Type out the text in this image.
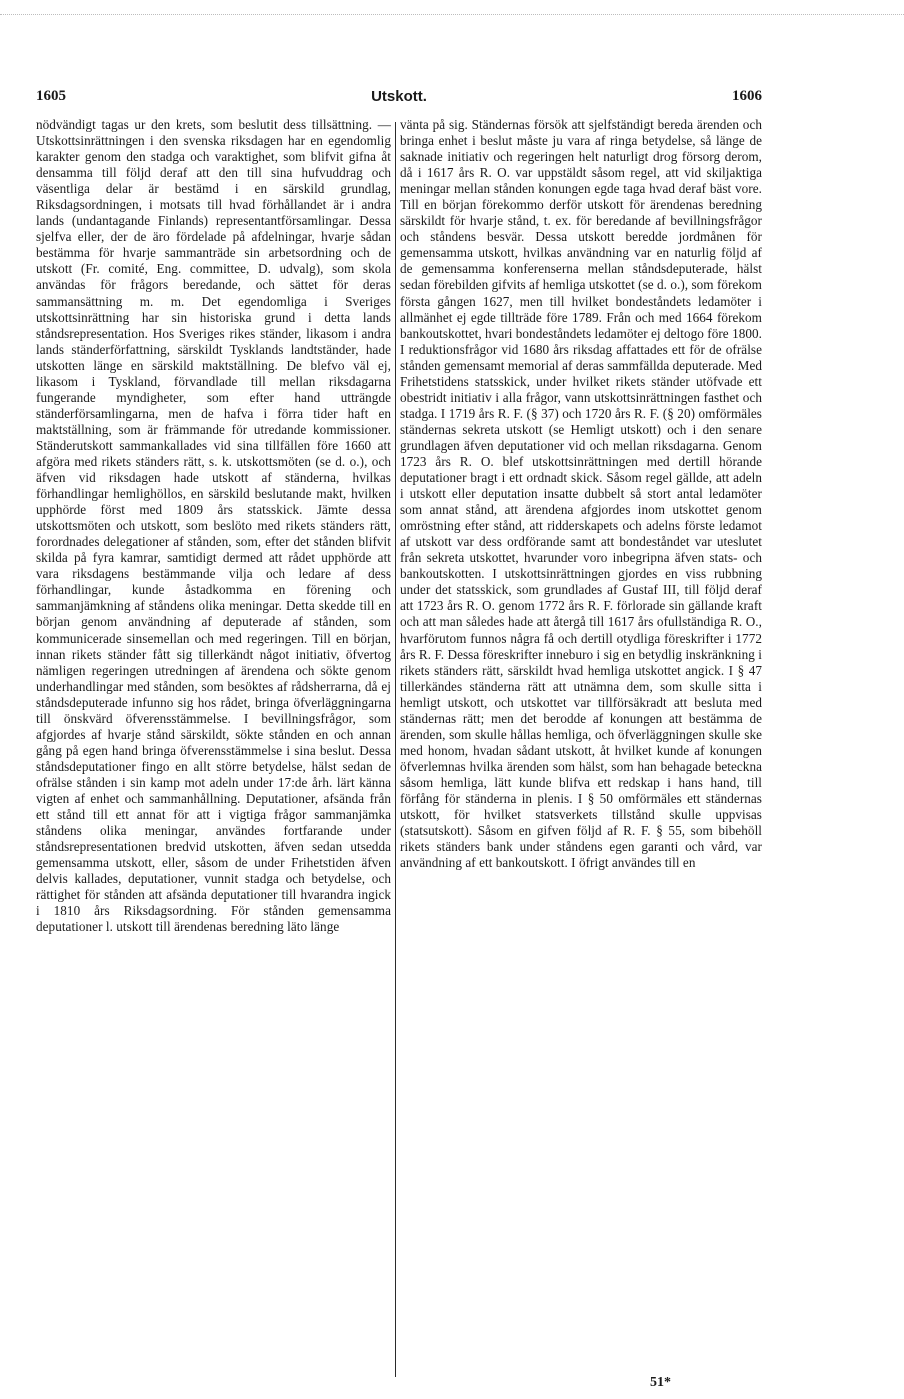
1605	Utskott.	1606

nödvändigt tagas ur den krets, som beslutit dess tillsättning. — Utskottsinrättningen i den svenska riksdagen har en egendomlig karakter genom den stadga och varaktighet, som blifvit gifna åt densamma till följd deraf att den till sina hufvuddrag och väsentliga delar är bestämd i en särskild grundlag, Riksdagsordningen, i motsats till hvad förhållandet är i andra lands (undantagande Finlands) representantförsamlingar. Dessa sjelfva eller, der de äro fördelade på afdelningar, hvarje sådan bestämma för hvarje sammanträde sin arbetsordning och de utskott (Fr. comité, Eng. committee, D. udvalg), som skola användas för frågors beredande, och sättet för deras sammansättning m. m. Det egendomliga i Sveriges utskottsinrättning har sin historiska grund i detta lands ståndsrepresentation. Hos Sveriges rikes ständer, likasom i andra lands ständerförfattning, särskildt Tysklands landtständer, hade utskotten länge en särskild maktställning. De blefvo väl ej, likasom i Tyskland, förvandlade till mellan riksdagarna fungerande myndigheter, som efter hand utträngde ständerförsamlingarna, men de hafva i förra tider haft en maktställning, som är främmande för utredande kommissioner. Ständerutskott sammankallades vid sina tillfällen före 1660 att afgöra med rikets ständers rätt, s. k. utskottsmöten (se d. o.), och äfven vid riksdagen hade utskott af ständerna, hvilkas förhandlingar hemlighöllos, en särskild beslutande makt, hvilken upphörde först med 1809 års statsskick. Jämte dessa utskottsmöten och utskott, som beslöto med rikets ständers rätt, forordnades delegationer af stånden, som, efter det stånden blifvit skilda på fyra kamrar, samtidigt dermed att rådet upphörde att vara riksdagens bestämmande vilja och ledare af dess förhandlingar, kunde åstadkomma en förening och sammanjämkning af ståndens olika meningar. Detta skedde till en början genom användning af deputerade af stånden, som kommunicerade sinsemellan och med regeringen. Till en början, innan rikets ständer fått sig tillerkändt något initiativ, öfvertog nämligen regeringen utredningen af ärendena och sökte genom underhandlingar med stånden, som besöktes af rådsherrarna, då ej ståndsdeputerade infunno sig hos rådet, bringa öfverläggningarna till önskvärd öfverensstämmelse. I bevillningsfrågor, som afgjordes af hvarje stånd särskildt, sökte stånden en och annan gång på egen hand bringa öfverensstämmelse i sina beslut. Dessa ståndsdeputationer fingo en allt större betydelse, hälst sedan de ofrälse stånden i sin kamp mot adeln under 17:de årh. lärt känna vigten af enhet och sammanhållning. Deputationer, afsända från ett stånd till ett annat för att i vigtiga frågor sammanjämka ståndens olika meningar, användes fortfarande under ståndsrepresentationen bredvid utskotten, äfven sedan utsedda gemensamma utskott, eller, såsom de under Frihetstiden äfven delvis kallades, deputationer, vunnit stadga och betydelse, och rättighet för stånden att afsända deputationer till hvarandra ingick i 1810 års Riksdagsordning. För stånden gemensamma deputationer l. utskott till ärendenas beredning läto länge

vänta på sig. Ständernas försök att sjelfständigt bereda ärenden och bringa enhet i beslut måste ju vara af ringa betydelse, så länge de saknade initiativ och regeringen helt naturligt drog försorg derom, då i 1617 års R. O. var uppstäldt såsom regel, att vid skiljaktiga meningar mellan stånden konungen egde taga hvad deraf bäst vore. Till en början förekommo derför utskott för ärendenas beredning särskildt för hvarje stånd, t. ex. för beredande af bevillningsfrågor och ståndens besvär. Dessa utskott beredde jordmånen för gemensamma utskott, hvilkas användning var en naturlig följd af de gemensamma konferenserna mellan ståndsdeputerade, hälst sedan förebilden gifvits af hemliga utskottet (se d. o.), som förekom första gången 1627, men till hvilket bondeståndets ledamöter i allmänhet ej egde tillträde före 1789. Från och med 1664 förekom bankoutskottet, hvari bondeståndets ledamöter ej deltogo före 1800. I reduktionsfrågor vid 1680 års riksdag affattades ett för de ofrälse stånden gemensamt memorial af deras sammfällda deputerade. Med Frihetstidens statsskick, under hvilket rikets ständer utöfvade ett obestridt initiativ i alla frågor, vann utskottsinrättningen fasthet och stadga. I 1719 års R. F. (§ 37) och 1720 års R. F. (§ 20) omförmäles ständernas sekreta utskott (se Hemligt utskott) och i den senare grundlagen äfven deputationer vid och mellan riksdagarna. Genom 1723 års R. O. blef utskottsinrättningen med dertill hörande deputationer bragt i ett ordnadt skick. Såsom regel gällde, att adeln i utskott eller deputation insatte dubbelt så stort antal ledamöter som annat stånd, att ärendena afgjordes inom utskottet genom omröstning efter stånd, att ridderskapets och adelns förste ledamot af utskott var dess ordförande samt att bondeståndet var uteslutet från sekreta utskottet, hvarunder voro inbegripna äfven stats- och bankoutskotten. I utskottsinrättningen gjordes en viss rubbning under det statsskick, som grundlades af Gustaf III, till följd deraf att 1723 års R. O. genom 1772 års R. F. förlorade sin gällande kraft och att man således hade att återgå till 1617 års ofullständiga R. O., hvarförutom funnos några få och dertill otydliga föreskrifter i 1772 års R. F. Dessa föreskrifter inneburo i sig en betydlig inskränkning i rikets ständers rätt, särskildt hvad hemliga utskottet angick. I § 47 tillerkändes ständerna rätt att utnämna dem, som skulle sitta i hemligt utskott, och utskottet var tillförsäkradt att besluta med ständernas rätt; men det berodde af konungen att bestämma de ärenden, som skulle hållas hemliga, och öfverläggningen skulle ske med honom, hvadan sådant utskott, åt hvilket kunde af konungen öfverlemnas hvilka ärenden som hälst, som han behagade beteckna såsom hemliga, lätt kunde blifva ett redskap i hans hand, till förfång för ständerna in plenis. I § 50 omförmäles ett ständernas utskott, för hvilket statsverkets tillstånd skulle uppvisas (statsutskott). Såsom en gifven följd af R. F. § 55, som bibehöll rikets ständers bank under ståndens egen garanti och vård, var användning af ett bankoutskott. I öfrigt användes till en

51*
